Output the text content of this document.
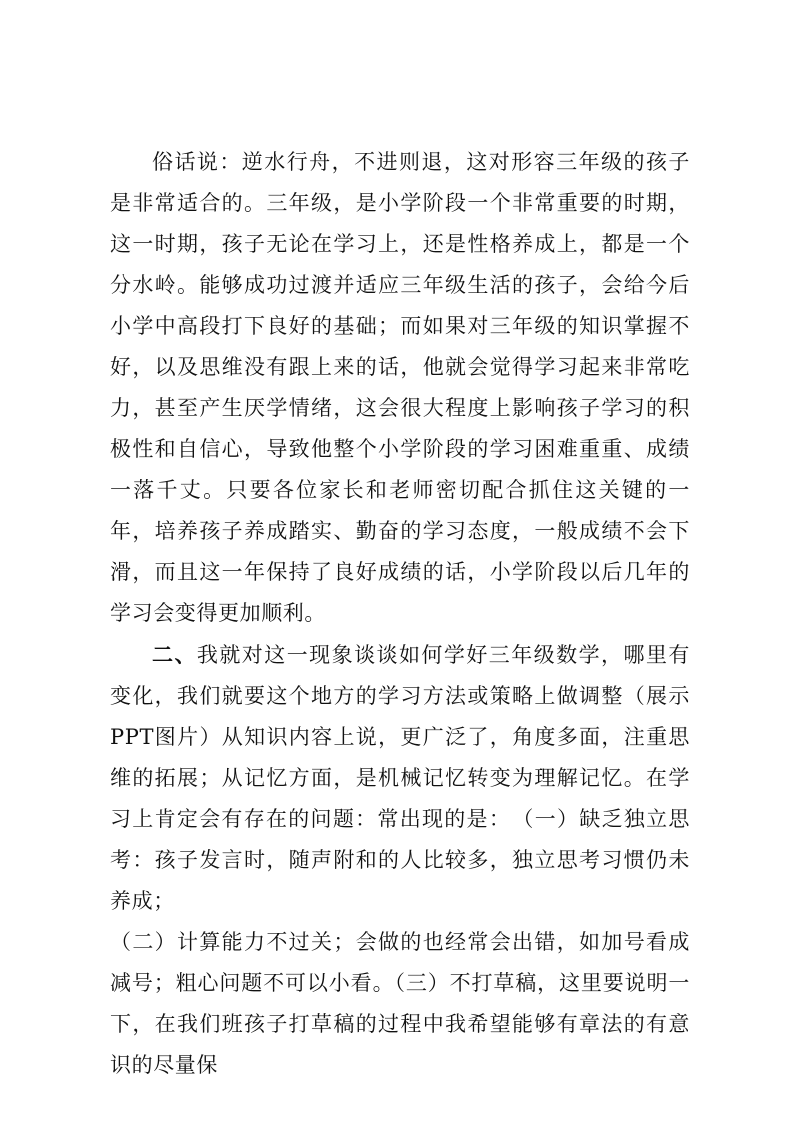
俗话说：逆水行舟，不进则退，这对形容三年级的孩子是非常适合的。三年级，是小学阶段一个非常重要的时期，这一时期，孩子无论在学习上，还是性格养成上，都是一个分水岭。能够成功过渡并适应三年级生活的孩子，会给今后小学中高段打下良好的基础；而如果对三年级的知识掌握不好，以及思维没有跟上来的话，他就会觉得学习起来非常吃力，甚至产生厌学情绪，这会很大程度上影响孩子学习的积极性和自信心，导致他整个小学阶段的学习困难重重、成绩一落千丈。只要各位家长和老师密切配合抓住这关键的一年，培养孩子养成踏实、勤奋的学习态度，一般成绩不会下滑，而且这一年保持了良好成绩的话，小学阶段以后几年的学习会变得更加顺利。

二、我就对这一现象谈谈如何学好三年级数学，哪里有变化，我们就要这个地方的学习方法或策略上做调整（展示PPT图片）从知识内容上说，更广泛了，角度多面，注重思维的拓展；从记忆方面，是机械记忆转变为理解记忆。在学习上肯定会有存在的问题：常出现的是：　（一）缺乏独立思考：孩子发言时，随声附和的人比较多，独立思考习惯仍未养成；

（二）计算能力不过关；会做的也经常会出错，如加号看成减号；粗心问题不可以小看。（三）不打草稿，这里要说明一下，在我们班孩子打草稿的过程中我希望能够有章法的有意识的尽量保
